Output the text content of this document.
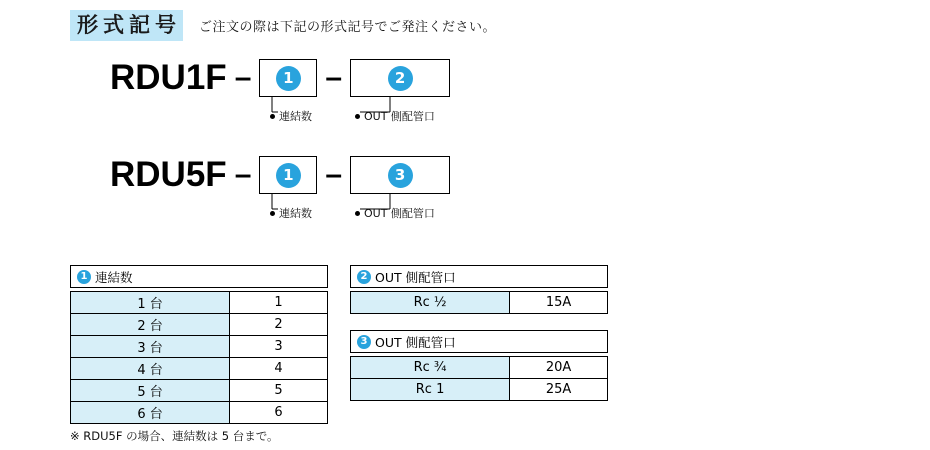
形 式 記 号 ご注文の際は下記の形式記号でご発注ください。
RDU1F –	1 –	2
RDU5F –	1 –	3
連結数	OUT 側配管口
連結数	OUT 側配管口
1 連結数
1 台	1
2 台	2
3 台	3
4 台	4
5 台	5
6 台	6
2 OUT 側配管口
Rc ½	15A
3 OUT 側配管口
Rc ¾	20A
Rc 1	25A
※ RDU5F の場合、連結数は 5 台まで。
